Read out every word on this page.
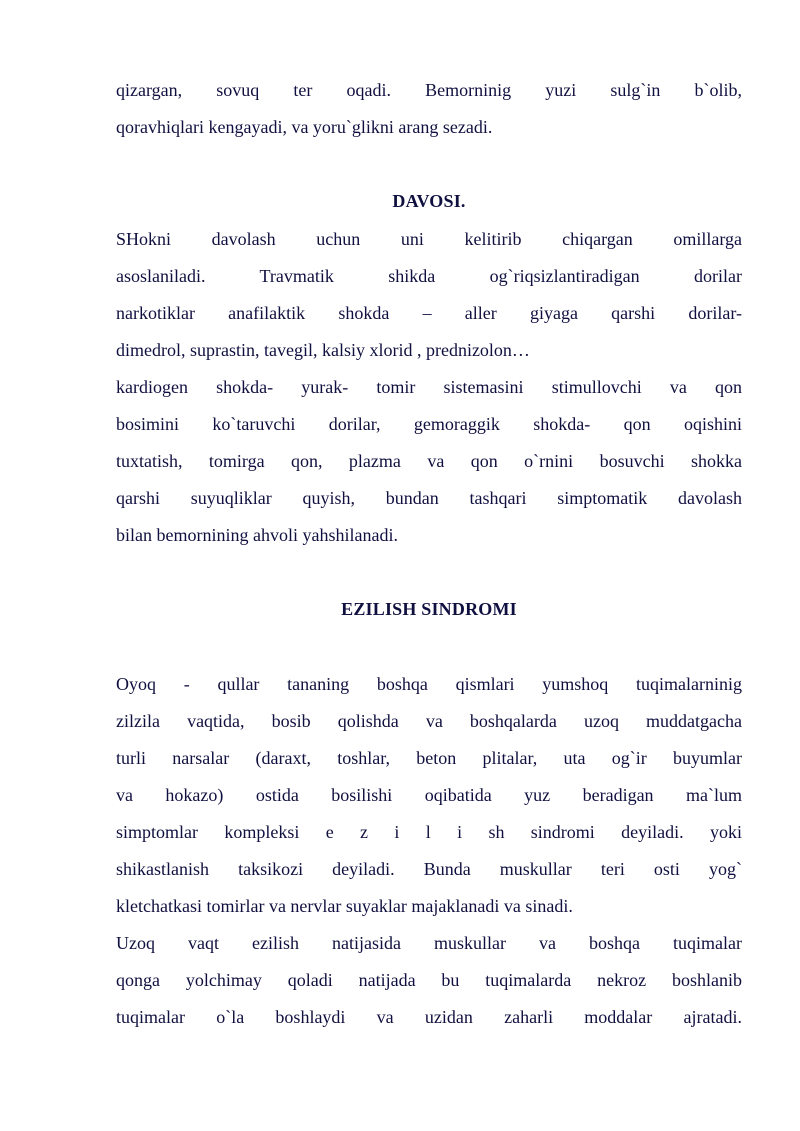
qizargan, sovuq ter oqadi. Bemorninig yuzi sulg`in b`olib,
qoravhiqlari kengayadi, va yoru`glikni arang sezadi.
DAVOSI.
SHokni davolash uchun uni kelitirib chiqargan omillarga
asoslaniladi. Travmatik shikda og`riqsizlantiradigan dorilar
narkotiklar anafilaktik shokda – aller giyaga qarshi dorilar-
dimedrol, suprastin, tavegil, kalsiy xlorid , prednizolon…
kardiogen shokda- yurak- tomir sistemasini stimullovchi va qon
bosimini ko`taruvchi dorilar, gemoraggik shokda- qon oqishini
tuxtatish, tomirga qon, plazma va qon o`rnini bosuvchi shokka
qarshi suyuqliklar quyish, bundan tashqari simptomatik davolash
bilan bemornining ahvoli yahshilanadi.
EZILISH SINDROMI
Oyoq - qullar tananing boshqa qismlari yumshoq tuqimalarninig
zilzila vaqtida, bosib qolishda va boshqalarda uzoq muddatgacha
turli narsalar (daraxt, toshlar, beton plitalar, uta og`ir buyumlar
va hokazo) ostida bosilishi oqibatida yuz beradigan ma`lum
simptomlar kompleksi e z i l i sh sindromi deyiladi. yoki
shikastlanish taksikozi deyiladi. Bunda muskullar teri osti yog`
kletchatkasi tomirlar va nervlar suyaklar majaklanadi va sinadi.
Uzoq vaqt ezilish natijasida muskullar va boshqa tuqimalar
qonga yolchimay qoladi natijada bu tuqimalarda nekroz boshlanib
tuqimalar o`la boshlaydi va uzidan zaharli moddalar ajratadi.
